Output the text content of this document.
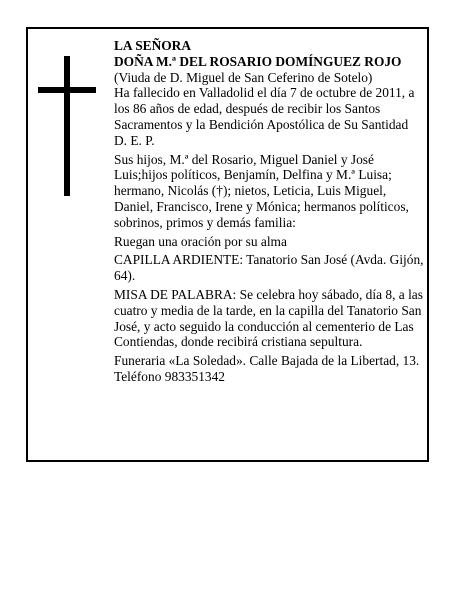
LA SEÑORA

DOÑA M.ª DEL ROSARIO DOMÍNGUEZ ROJO

(Viuda de D. Miguel de San Ceferino de Sotelo)

Ha fallecido en Valladolid el día 7 de octubre de 2011, a los 86 años de edad, después de recibir los Santos Sacramentos y la Bendición Apostólica de Su Santidad

D. E. P.

Sus hijos, M.ª del Rosario, Miguel Daniel y José Luis;hijos políticos, Benjamín, Delfina y M.ª Luisa; hermano, Nicolás (†); nietos, Leticia, Luis Miguel, Daniel, Francisco, Irene y Mónica; hermanos políticos, sobrinos, primos y demás familia:

Ruegan una oración por su alma

CAPILLA ARDIENTE: Tanatorio San José (Avda. Gijón, 64).

MISA DE PALABRA: Se celebra hoy sábado, día 8, a las cuatro y media de la tarde, en la capilla del Tanatorio San José, y acto seguido la conducción al cementerio de Las Contiendas, donde recibirá cristiana sepultura.

Funeraria «La Soledad». Calle Bajada de la Libertad, 13. Teléfono 983351342
